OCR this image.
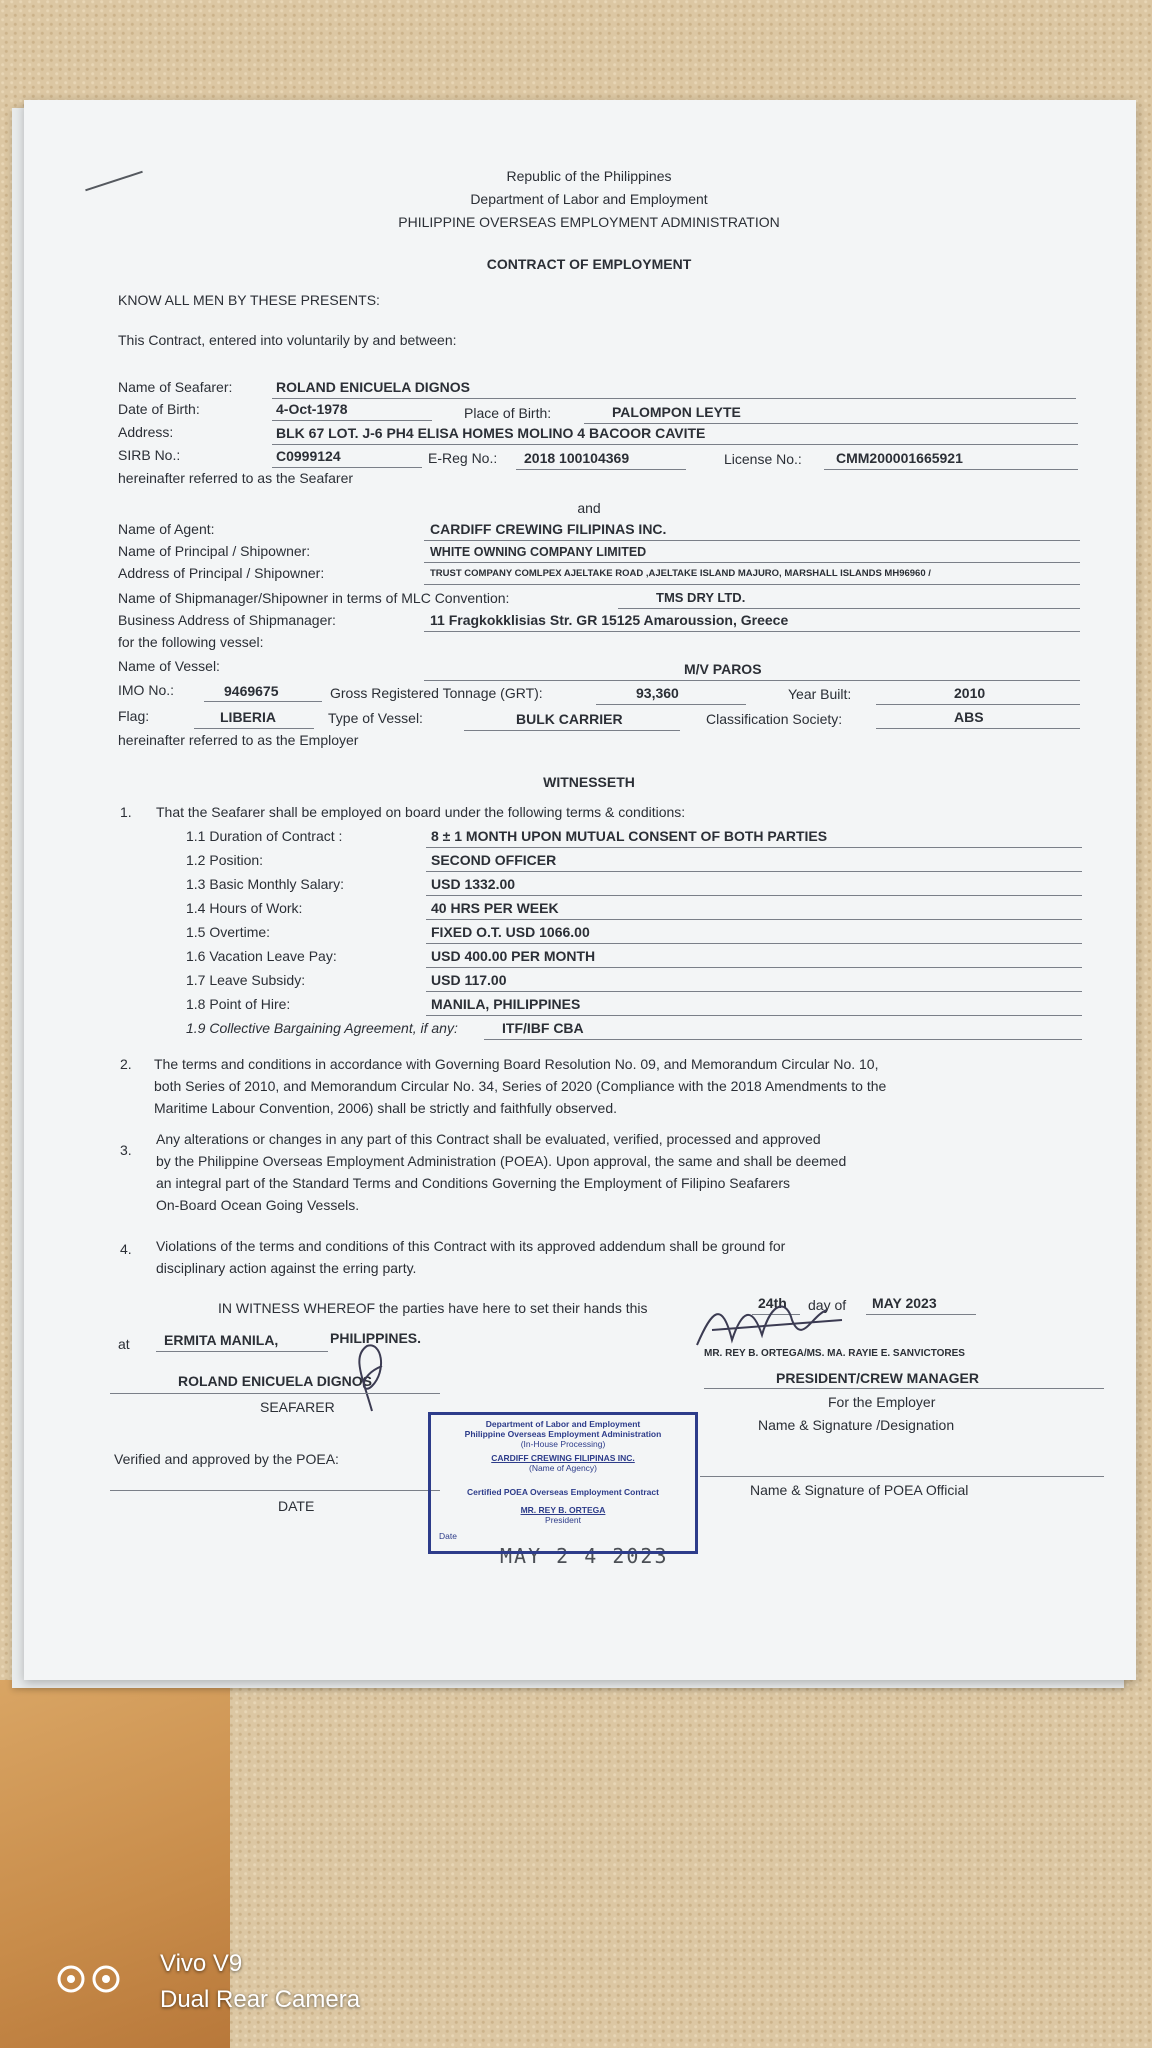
Republic of the Philippines
Department of Labor and Employment
PHILIPPINE OVERSEAS EMPLOYMENT ADMINISTRATION
CONTRACT OF EMPLOYMENT
KNOW ALL MEN BY THESE PRESENTS:
This Contract, entered into voluntarily by and between:
Name of Seafarer:	ROLAND ENICUELA DIGNOS
Date of Birth:	4-Oct-1978	Place of Birth:	PALOMPON LEYTE
Address:	BLK 67 LOT. J-6 PH4 ELISA HOMES MOLINO 4 BACOOR CAVITE
SIRB No.:	C0999124	E-Reg No.: 2018 100104369	License No.: CMM200001665921
hereinafter referred to as the Seafarer
and
Name of Agent:	CARDIFF CREWING FILIPINAS INC.
Name of Principal / Shipowner:	WHITE OWNING COMPANY LIMITED
Address of Principal / Shipowner:	TRUST COMPANY COMLPEX AJELTAKE ROAD ,AJELTAKE ISLAND MAJURO, MARSHALL ISLANDS MH96960 /
Name of Shipmanager/Shipowner in terms of MLC Convention:	TMS DRY LTD.
Business Address of Shipmanager:	11 Fragkokklisias Str. GR 15125 Amaroussion, Greece
for the following vessel:
Name of Vessel:	M/V PAROS
IMO No.:	9469675	Gross Registered Tonnage (GRT):	93,360	Year Built:	2010
Flag:	LIBERIA	Type of Vessel:	BULK CARRIER	Classification Society:	ABS
hereinafter referred to as the Employer
WITNESSETH
1. That the Seafarer shall be employed on board under the following terms & conditions:
1.1 Duration of Contract :	8 ± 1 MONTH UPON MUTUAL CONSENT OF BOTH PARTIES
1.2 Position:	SECOND OFFICER
1.3 Basic Monthly Salary:	USD 1332.00
1.4 Hours of Work:	40 HRS PER WEEK
1.5 Overtime:	FIXED O.T. USD 1066.00
1.6 Vacation Leave Pay:	USD 400.00 PER MONTH
1.7 Leave Subsidy:	USD 117.00
1.8 Point of Hire:	MANILA, PHILIPPINES
1.9 Collective Bargaining Agreement, if any:	ITF/IBF CBA
2. The terms and conditions in accordance with Governing Board Resolution No. 09, and Memorandum Circular No. 10,
both Series of 2010, and Memorandum Circular No. 34, Series of 2020 (Compliance with the 2018 Amendments to the
Maritime Labour Convention, 2006) shall be strictly and faithfully observed.
3.
Any alterations or changes in any part of this Contract shall be evaluated, verified, processed and approved
by the Philippine Overseas Employment Administration (POEA). Upon approval, the same and shall be deemed
an integral part of the Standard Terms and Conditions Governing the Employment of Filipino Seafarers
On-Board Ocean Going Vessels.
4. Violations of the terms and conditions of this Contract with its approved addendum shall be ground for
disciplinary action against the erring party.
IN WITNESS WHEREOF the parties have here to set their hands this	24th day of MAY 2023
at ERMITA MANILA,	PHILIPPINES.
MR. REY B. ORTEGA/MS. MA. RAYIE E. SANVICTORES
PRESIDENT/CREW MANAGER
For the Employer
Name & Signature /Designation
ROLAND ENICUELA DIGNOS
SEAFARER
Verified and approved by the POEA:
DATE
Name & Signature of POEA Official
MAY 2 4 2023
Department of Labor and Employment
Philippine Overseas Employment Administration
(In-House Processing)
CARDIFF CREWING FILIPINAS INC.
(Name of Agency)
Certified POEA Overseas Employment Contract
MR. REY B. ORTEGA
President
Date
Vivo V9
Dual Rear Camera
